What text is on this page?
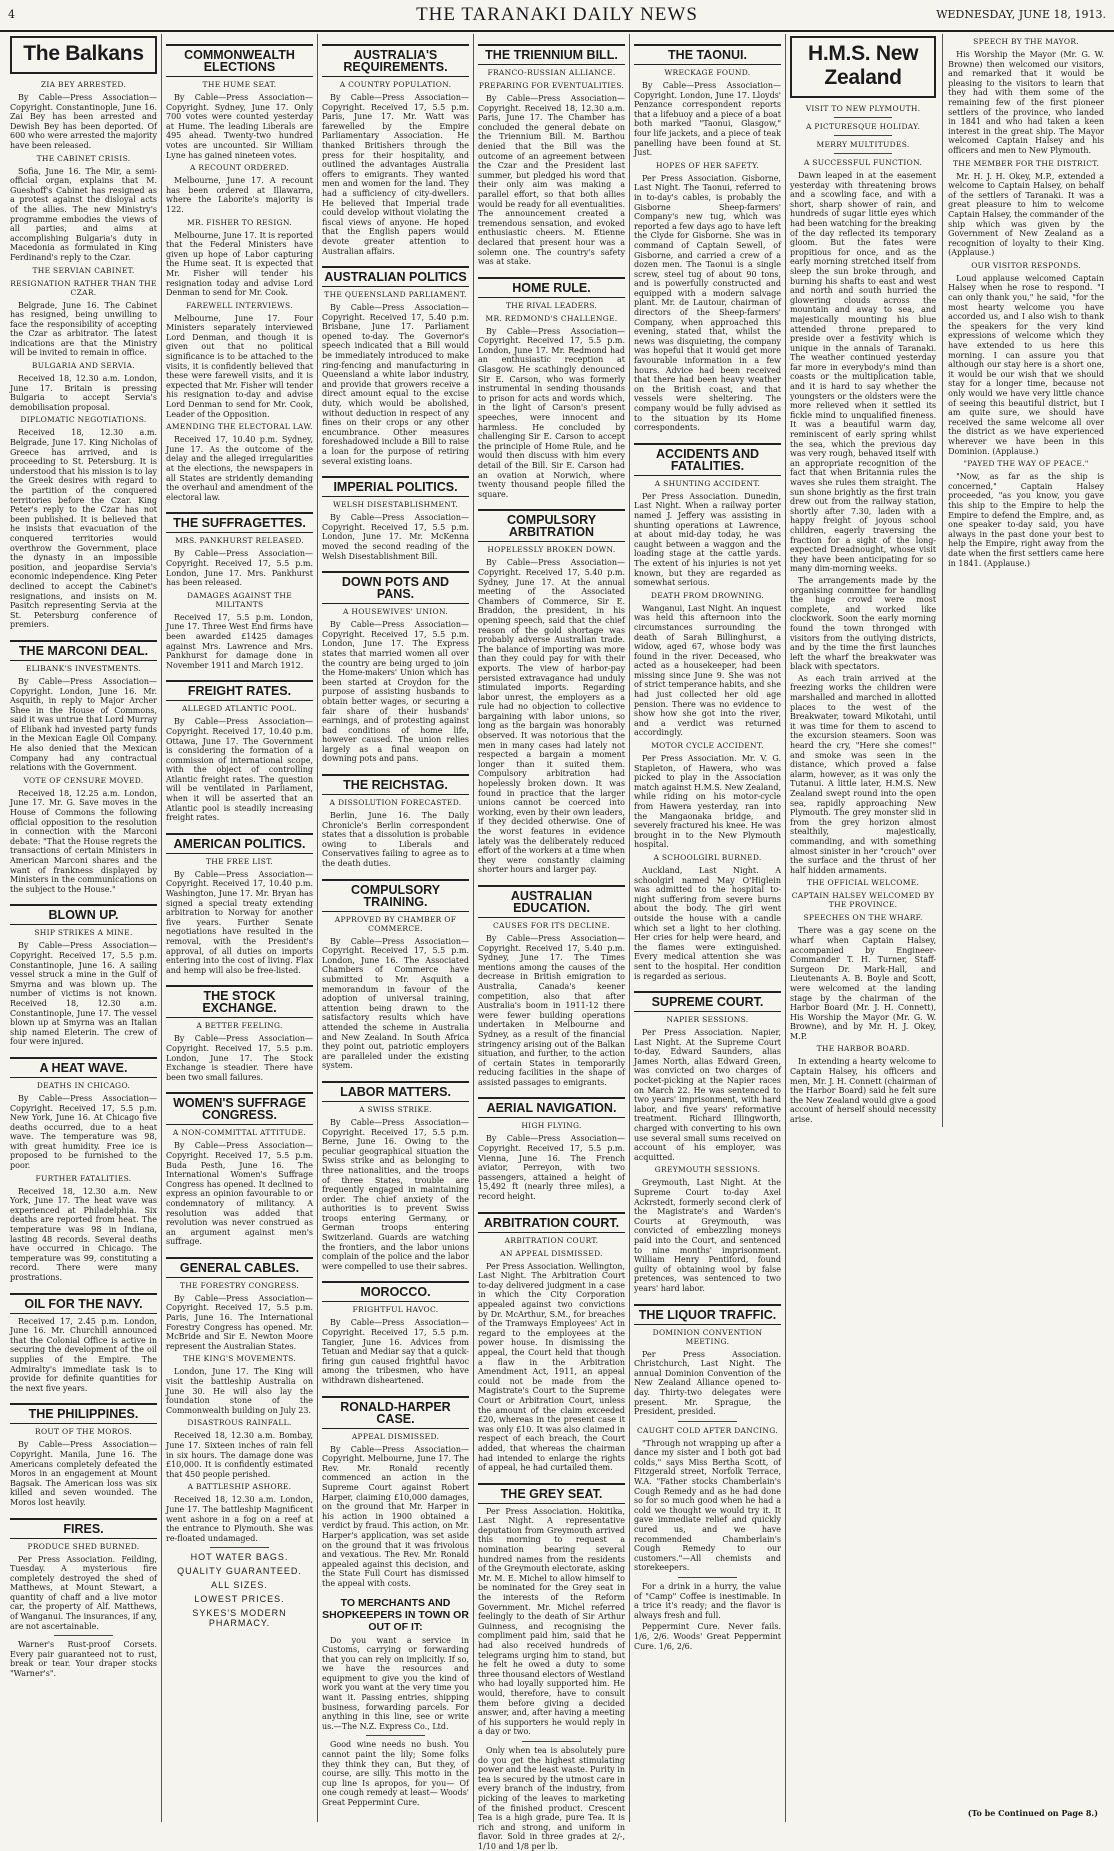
4	THE TARANAKI DAILY NEWS	WEDNESDAY, JUNE 18, 1913.
The Balkans
ZIA BEY ARRESTED.

By Cable—Press Association—Copyright. Constantinople, June 16. Zai Bey has been arrested and Dewish Bey has been deported. Of 600 who were arrested the majority have been released.

THE CABINET CRISIS.

Sofia, June 16. The Mir, a semi-official organ, explains that M. Gueshoff's Cabinet has resigned as a protest against the disloyal acts of the allies. The new Ministry's programme embodies the views of all parties, and aims at accomplishing Bulgaria's duty in Macedonia as formulated in King Ferdinand's reply to the Czar.

THE SERVIAN CABINET.
RESIGNATION RATHER THAN THE CZAR.

Belgrade, June 16. The Cabinet has resigned, being unwilling to face the responsibility of accepting the Czar as arbitrator. The latest indications are that the Ministry will be invited to remain in office.

BULGARIA AND SERVIA.

Received 18, 12.30 a.m. London, June 17. Britain is pressing Bulgaria to accept Servia's demobilisation proposal.

DIPLOMATIC NEGOTIATIONS.

Received 18, 12.30 a.m. Belgrade, June 17. King Nicholas of Greece has arrived, and is proceeding to St. Petersburg. It is understood that his mission is to lay the Greek desires with regard to the partition of the conquered territories before the Czar. King Peter's reply to the Czar has not been published. It is believed that he insists that evacuation of the conquered territories would overthrow the Government, place the dynasty in an impossible position, and jeopardise Servia's economic independence. King Peter declined to accept the Cabinet's resignations, and insists on M. Pasitch representing Servia at the St. Petersburg conference of premiers.

THE MARCONI DEAL.
ELIBANK'S INVESTMENTS.

By Cable—Press Association—Copyright. London, June 16. Mr. Asquith, in reply to Major Archer Shee in the House of Commons, said it was untrue that Lord Murray of Elibank had invested party funds in the Mexican Eagle Oil Company. He also denied that the Mexican Company had any contractual relations with the Government.

VOTE OF CENSURE MOVED.

Received 18, 12.25 a.m. London, June 17. Mr. G. Save moves in the House of Commons the following official opposition to the resolution in connection with the Marconi debate: "That the House regrets the transactions of certain Ministers in American Marconi shares and the want of frankness displayed by Ministers in the communications on the subject to the House."

BLOWN UP.
SHIP STRIKES A MINE.

By Cable—Press Association—Copyright. Received 17, 5.5 p.m. Constantinople, June 16. A sailing vessel struck a mine in the Gulf of Smyrna and was blown up. The number of victims is not known. Received 18, 12.30 a.m. Constantinople, June 17. The vessel blown up at Smyrna was an Italian ship named Eleterin. The crew of four were injured.

A HEAT WAVE.
DEATHS IN CHICAGO.

By Cable—Press Association—Copyright. Received 17, 5.5 p.m. New York, June 16. At Chicago five deaths occurred, due to a heat wave. The temperature was 98, with great humidity. Free ice is proposed to be furnished to the poor.

FURTHER FATALITIES.

Received 18, 12.30 a.m. New York, June 17. The heat wave was experienced at Philadelphia. Six deaths are reported from heat. The temperature was 98 in Indiana, lasting 48 records. Several deaths have occurred in Chicago. The temperature was 99, constituting a record. There were many prostrations.

OIL FOR THE NAVY.

Received 17, 2.45 p.m. London, June 16. Mr. Churchill announced that the Colonial Office is active in securing the development of the oil supplies of the Empire. The Admiralty's immediate task is to provide for definite quantities for the next five years.

THE PHILIPPINES.
ROUT OF THE MOROS.

By Cable—Press Association—Copyright. Manila, June 16. The Americans completely defeated the Moros in an engagement at Mount Bagsak. The American loss was six killed and seven wounded. The Moros lost heavily.

FIRES.
PRODUCE SHED BURNED.

Per Press Association. Feilding, Tuesday. A mysterious fire completely destroyed the shed of Matthews, at Mount Stewart, a quantity of chaff and a live motor car, the property of Alf. Matthews, of Wanganui. The insurances, if any, are not ascertainable.

Warner's Rust-proof Corsets. Every pair guaranteed not to rust, break or tear. Your draper stocks "Warner's".

COMMONWEALTH ELECTIONS
THE HUME SEAT.

By Cable—Press Association—Copyright. Sydney, June 17. Only 700 votes were counted yesterday at Hume. The leading Liberals are 495 ahead. Twenty-two hundred votes are uncounted. Sir William Lyne has gained nineteen votes.

A RECOUNT ORDERED.

Melbourne, June 17. A recount has been ordered at Illawarra, where the Laborite's majority is 122.

MR. FISHER TO RESIGN.

Melbourne, June 17. It is reported that the Federal Ministers have given up hope of Labor capturing the Hume seat. It is expected that Mr. Fisher will tender his resignation today and advise Lord Denman to send for Mr. Cook.

FAREWELL INTERVIEWS.

Melbourne, June 17. Four Ministers separately interviewed Lord Denman, and though it is given out that no political significance is to be attached to the visits, it is confidently believed that these were farewell visits, and it is expected that Mr. Fisher will tender his resignation to-day and advise Lord Denman to send for Mr. Cook, Leader of the Opposition.

AMENDING THE ELECTORAL LAW.

Received 17, 10.40 p.m. Sydney, June 17. As the outcome of the delay and the alleged irregularities at the elections, the newspapers in all States are stridently demanding the overhaul and amendment of the electoral law.

THE SUFFRAGETTES.
MRS. PANKHURST RELEASED.

By Cable—Press Association—Copyright. Received 17, 5.5 p.m. London, June 17. Mrs. Pankhurst has been released.

DAMAGES AGAINST THE MILITANTS

Received 17, 5.5 p.m. London, June 17. Three West End firms have been awarded £1425 damages against Mrs. Lawrence and Mrs. Pankhurst for damage done in November 1911 and March 1912.

FREIGHT RATES.
ALLEGED ATLANTIC POOL.

By Cable—Press Association—Copyright. Received 17, 10.40 p.m. Ottawa, June 17. The Government is considering the formation of a commission of international scope, with the object of controlling Atlantic freight rates. The question will be ventilated in Parliament, when it will be asserted that an Atlantic pool is steadily increasing freight rates.

AMERICAN POLITICS.
THE FREE LIST.

By Cable—Press Association—Copyright. Received 17, 10.40 p.m. Washington, June 17. Mr. Bryan has signed a special treaty extending arbitration to Norway for another five years. Further Senate negotiations have resulted in the removal, with the President's approval, of all duties on imports entering into the cost of living. Flax and hemp will also be free-listed.

THE STOCK EXCHANGE.
A BETTER FEELING.

By Cable—Press Association—Copyright. Received 17, 5.5 p.m. London, June 17. The Stock Exchange is steadier. There have been two small failures.

WOMEN'S SUFFRAGE CONGRESS.
A NON-COMMITTAL ATTITUDE.

By Cable—Press Association—Copyright. Received 17, 5.5 p.m. Buda Pesth, June 16. The International Women's Suffrage Congress has opened. It declined to express an opinion favourable to or condemnatory of militancy. A resolution was added that revolution was never construed as an argument against men's suffrage.

GENERAL CABLES.
THE FORESTRY CONGRESS.

By Cable—Press Association—Copyright. Received 17, 5.5 p.m. Paris, June 16. The International Forestry Congress has opened. Mr. McBride and Sir E. Newton Moore represent the Australian States.

THE KING'S MOVEMENTS.

London, June 17. The King will visit the battleship Australia on June 30. He will also lay the foundation stone of the Commonwealth building on July 23.

DISASTROUS RAINFALL.

Received 18, 12.30 a.m. Bombay, June 17. Sixteen inches of rain fell in six hours. The damage done was £10,000. It is confidently estimated that 450 people perished.

A BATTLESHIP ASHORE.

Received 18, 12.30 a.m. London, June 17. The battleship Magnificent went ashore in a fog on a reef at the entrance to Plymouth. She was re-floated undamaged.

HOT WATER BAGS.
QUALITY GUARANTEED.
ALL SIZES.
LOWEST PRICES.
SYKES'S MODERN PHARMACY.
AUSTRALIA'S REQUIREMENTS.
A COUNTRY POPULATION.

By Cable—Press Association—Copyright. Received 17, 5.5 p.m. Paris, June 17. Mr. Watt was farewelled by the Empire Parliamentary Association. He thanked Britishers through the press for their hospitality, and outlined the advantages Australia offers to emigrants. They wanted men and women for the land. They had a sufficiency of city-dwellers. He believed that Imperial trade could develop without violating the fiscal views of anyone. He hoped that the English papers would devote greater attention to Australian affairs.

AUSTRALIAN POLITICS
THE QUEENSLAND PARLIAMENT.

By Cable—Press Association—Copyright. Received 17, 5.40 p.m. Brisbane, June 17. Parliament opened to-day. The Governor's speech indicated that a Bill would be immediately introduced to make ring-fencing and manufacturing in Queensland a white labor industry, and provide that growers receive a direct amount equal to the excise duty, which would be abolished, without deduction in respect of any fines on their crops or any other encumbrance. Other measures foreshadowed include a Bill to raise a loan for the purpose of retiring several existing loans.

IMPERIAL POLITICS.
WELSH DISESTABLISHMENT.

By Cable—Press Association—Copyright. Received 17, 5.5 p.m. London, June 17. Mr. McKenna moved the second reading of the Welsh Disestablishment Bill.

DOWN POTS AND PANS.
A HOUSEWIVES' UNION.

By Cable—Press Association—Copyright. Received 17, 5.5 p.m. London, June 17. The Express states that married women all over the country are being urged to join the Home-makers' Union which has been started at Croydon for the purpose of assisting husbands to obtain better wages, or securing a fair share of their husbands' earnings, and of protesting against bad conditions of home life, however caused. The union relies largely as a final weapon on downing pots and pans.

THE REICHSTAG.
A DISSOLUTION FORECASTED.

Berlin, June 16. The Daily Chronicle's Berlin correspondent states that a dissolution is probable owing to Liberals and Conservatives failing to agree as to the death duties.

COMPULSORY TRAINING.
APPROVED BY CHAMBER OF COMMERCE.

By Cable—Press Association—Copyright. Received 17, 5.5 p.m. London, June 16. The Associated Chambers of Commerce have submitted to Mr. Asquith a memorandum in favour of the adoption of universal training, attention being drawn to the satisfactory results which have attended the scheme in Australia and New Zealand. In South Africa they point out, patriotic employers are paralleled under the existing system.

LABOR MATTERS.
A SWISS STRIKE.

By Cable—Press Association—Copyright. Received 17, 5.5 p.m. Berne, June 16. Owing to the peculiar geographical situation the Swiss strike and as belonging to three nationalities, and the troops of three States, trouble are frequently engaged in maintaining order. The chief anxiety of the authorities is to prevent Swiss troops entering Germany, or German troops entering Switzerland. Guards are watching the frontiers, and the labor unions complain of the police and the labor were compelled to use their sabres.

MOROCCO.
FRIGHTFUL HAVOC.

By Cable—Press Association—Copyright. Received 17, 5.5 p.m. Tangier, June 16. Advices from Tetuan and Mediar say that a quick-firing gun caused frightful havoc among the tribesmen, who have withdrawn disheartened.

RONALD-HARPER CASE.
APPEAL DISMISSED.

By Cable—Press Association—Copyright. Melbourne, June 17. The Rev. Mr. Ronald recently commenced an action in the Supreme Court against Robert Harper, claiming £10,000 damages, on the ground that Mr. Harper in his action in 1900 obtained a verdict by fraud. This action, on Mr. Harper's application, was set aside on the ground that it was frivolous and vexatious. The Rev. Mr. Ronald appealed against this decision, and the State Full Court has dismissed the appeal with costs.

TO MERCHANTS AND SHOPKEEPERS IN TOWN OR OUT OF IT:

Do you want a service in Customs, carrying or forwarding that you can rely on implicitly. If so, we have the resources and equipment to give you the kind of work you want at the very time you want it. Passing entries, shipping business, forwarding parcels. For anything in this line, see or write us.—The N.Z. Express Co., Ltd.

Good wine needs no bush. You cannot paint the lily; Some folks they think they can, But they, of course, are silly. This motto in the cup line Is apropos, for you— Of one cough remedy at least— Woods' Great Peppermint Cure.

THE TRIENNIUM BILL.
FRANCO-RUSSIAN ALLIANCE.
PREPARING FOR EVENTUALITIES.

By Cable—Press Association—Copyright. Received 18, 12.30 a.m. Paris, June 17. The Chamber has concluded the general debate on the Triennium Bill. M. Barthou denied that the Bill was the outcome of an agreement between the Czar and the President last summer, but pledged his word that their only aim was making a parallel effort, so that both allies would be ready for all eventualities. The announcement created a tremendous sensation, and evoked enthusiastic cheers. M. Etienne declared that present hour was a solemn one. The country's safety was at stake.

HOME RULE.
THE RIVAL LEADERS.
MR. REDMOND'S CHALLENGE.

By Cable—Press Association—Copyright. Received 17, 5.5 p.m. London, June 17. Mr. Redmond had an enthusiastic reception at Glasgow. He scathingly denounced Sir E. Carson, who was formerly instrumental in sending thousands to prison for acts and words which, in the light of Carson's present speeches, were innocent and harmless. He concluded by challenging Sir E. Carson to accept the principle of Home Rule, and he would then discuss with him every detail of the Bill. Sir E. Carson had an ovation at Norwich, where twenty thousand people filled the square.

COMPULSORY ARBITRATION
HOPELESSLY BROKEN DOWN.

By Cable—Press Association—Copyright. Received 17, 5.40 p.m. Sydney, June 17. At the annual meeting of the Associated Chambers of Commerce, Sir E. Braddon, the president, in his opening speech, said that the chief reason of the gold shortage was probably adverse Australian trade. The balance of importing was more than they could pay for with their exports. The view of harbor-pay persisted extravagance had unduly stimulated imports. Regarding labor unrest, the employers as a rule had no objection to collective bargaining with labor unions, so long as the bargain was honorably observed. It was notorious that the men in many cases had lately not respected a bargain a moment longer than it suited them. Compulsory arbitration had hopelessly broken down. It was found in practice that the larger unions cannot be coerced into working, even by their own leaders, if they decided otherwise. One of the worst features in evidence lately was the deliberately reduced effort of the workers at a time when they were constantly claiming shorter hours and larger pay.

AUSTRALIAN EDUCATION.
CAUSES FOR ITS DECLINE.

By Cable—Press Association—Copyright. Received 17, 5.40 p.m. Sydney, June 17. The Times mentions among the causes of the decrease in British emigration to Australia, Canada's keener competition, also that after Australia's boom in 1911-12 there were fewer building operations undertaken in Melbourne and Sydney, as a result of the financial stringency arising out of the Balkan situation, and further, to the action of certain States in temporarily reducing facilities in the shape of assisted passages to emigrants.

AERIAL NAVIGATION.
HIGH FLYING.

By Cable—Press Association—Copyright. Received 17, 5.5 p.m. Vienna, June 16. The French aviator, Perreyon, with two passengers, attained a height of 15,492 ft (nearly three miles), a record height.

ARBITRATION COURT.
ARBITRATION COURT.
AN APPEAL DISMISSED.

Per Press Association. Wellington, Last Night. The Arbitration Court to-day delivered judgment in a case in which the City Corporation appealed against two convictions by Dr. McArthur, S.M., for breaches of the Tramways Employees' Act in regard to the employees at the power house. In dismissing the appeal, the Court held that though a flaw in the Arbitration Amendment Act, 1911, an appeal could not be made from the Magistrate's Court to the Supreme Court or Arbitration Court, unless the amount of the claim exceeded £20, whereas in the present case it was only £10. It was also claimed in respect of each breach, the Court added, that whereas the chairman had intended to enlarge the rights of appeal, he had curtailed them.

THE GREY SEAT.

Per Press Association. Hokitika, Last Night. A representative deputation from Greymouth arrived this morning to request a nomination bearing several hundred names from the residents of the Greymouth electorate, asking Mr. M. E. Michel to allow himself to be nominated for the Grey seat in the interests of the Reform Government. Mr. Michel referred feelingly to the death of Sir Arthur Guinness, and recognising the compliment paid him, said that he had also received hundreds of telegrams urging him to stand, but he felt he owed a duty to some three thousand electors of Westland who had loyally supported him. He would, therefore, have to consult them before giving a decided answer, and, after having a meeting of his supporters he would reply in a day or two.

Only when tea is absolutely pure do you get the highest stimulating power and the least waste. Purity in tea is secured by the utmost care in every branch of the industry, from picking of the leaves to marketing of the finished product. Crescent Tea is a high grade, pure Tea. It is rich and strong, and uniform in flavor. Sold in three grades at 2/-, 1/10 and 1/8 per lb.

THE TAONUI.
WRECKAGE FOUND.

By Cable—Press Association—Copyright. London, June 17. Lloyds' Penzance correspondent reports that a lifebuoy and a piece of a boat both marked "Taonui, Glasgow," four life jackets, and a piece of teak panelling have been found at St. Just.

HOPES OF HER SAFETY.

Per Press Association. Gisborne, Last Night. The Taonui, referred to in to-day's cables, is probably the Gisborne Sheep-farmers' Company's new tug, which was reported a few days ago to have left the Clyde for Gisborne. She was in command of Captain Sewell, of Gisborne, and carried a crew of a dozen men. The Taonui is a single screw, steel tug of about 90 tons, and is powerfully constructed and equipped with a modern salvage plant. Mr. de Lautour, chairman of directors of the Sheep-farmers' Company, when approached this evening, stated that, whilst the news was disquieting, the company was hopeful that it would get more favourable information in a few hours. Advice had been received that there had been heavy weather on the British coast, and that vessels were sheltering. The company would be fully advised as to the situation by its Home correspondents.

ACCIDENTS AND FATALITIES.
A SHUNTING ACCIDENT.

Per Press Association. Dunedin, Last Night. When a railway porter named J. Jeffery was assisting in shunting operations at Lawrence, at about mid-day today, he was caught between a waggon and the loading stage at the cattle yards. The extent of his injuries is not yet known, but they are regarded as somewhat serious.

DEATH FROM DROWNING.

Wanganui, Last Night. An inquest was held this afternoon into the circumstances surrounding the death of Sarah Billinghurst, a widow, aged 67, whose body was found in the river. Deceased, who acted as a housekeeper, had been missing since June 9. She was not of strict temperance habits, and she had just collected her old age pension. There was no evidence to show how she got into the river, and a verdict was returned accordingly.

MOTOR CYCLE ACCIDENT.

Per Press Association. Mr. V. G. Stapleton, of Hawera, who was picked to play in the Association match against H.M.S. New Zealand, while riding on his motor-cycle from Hawera yesterday, ran into the Mangaonaka bridge, and severely fractured his knee. He was brought in to the New Plymouth hospital.

A SCHOOLGIRL BURNED.

Auckland, Last Night. A schoolgirl named May O'Higlein was admitted to the hospital to-night suffering from severe burns about the body. The girl went outside the house with a candle which set a light to her clothing. Her cries for help were heard, and the flames were extinguished. Every medical attention she was sent to the hospital. Her condition is regarded as serious.

SUPREME COURT.
NAPIER SESSIONS.

Per Press Association. Napier, Last Night. At the Supreme Court to-day, Edward Saunders, alias James North, alias Edward Green, was convicted on two charges of pocket-picking at the Napier races on March 22. He was sentenced to two years' imprisonment, with hard labor, and five years' reformative treatment. Richard Illingworth, charged with converting to his own use several small sums received on account of his employer, was acquitted.

GREYMOUTH SESSIONS.

Greymouth, Last Night. At the Supreme Court to-day Axel Ackrstedt, formerly second clerk of the Magistrate's and Warden's Courts at Greymouth, was convicted of embezzling moneys paid into the Court, and sentenced to nine months' imprisonment. William Henry Pentiford, found guilty of obtaining wool by false pretences, was sentenced to two years' hard labor.

THE LIQUOR TRAFFIC.
DOMINION CONVENTION MEETING.

Per Press Association. Christchurch, Last Night. The annual Dominion Convention of the New Zealand Alliance opened to-day. Thirty-two delegates were present. Mr. Sprague, the President, presided.

CAUGHT COLD AFTER DANCING.

"Through not wrapping up after a dance my sister and I both got bad colds," says Miss Bertha Scott, of Fitzgerald street, Norfolk Terrace, W.A. "Father stocks Chamberlain's Cough Remedy and as he had done so for so much good when he had a cold we thought we would try it. It gave immediate relief and quickly cured us, and we have recommended Chamberlain's Cough Remedy to our customers."—All chemists and storekeepers.

For a drink in a hurry, the value of "Camp" Coffee is inestimable. In a trice it's ready; and the flavor is always fresh and full.

Peppermint Cure. Never fails. 1/6, 2/6. Woods' Great Peppermint Cure. 1/6, 2/6.

H.M.S. New Zealand
VISIT TO NEW PLYMOUTH.
A PICTURESQUE HOLIDAY.
MERRY MULTITUDES.
A SUCCESSFUL FUNCTION.

Dawn leaped in at the easement yesterday with threatening brows and a scowling face, and with a short, sharp shower of rain, and hundreds of sugar little eyes which had been watching for the breaking of the day reflected its temporary gloom. But the fates were propitious for once, and as the early morning stretched itself from sleep the sun broke through, and burning his shafts to east and west and north and south hurried the glowering clouds across the mountain and away to sea, and majestically mounting his blue attended throne prepared to preside over a festivity which is unique in the annals of Taranaki. The weather continued yesterday far more in everybody's mind than coasts or the multiplication table, and it is hard to say whether the youngsters or the oldsters were the more relieved when it settled its fickle mind to unqualified fineness. It was a beautiful warm day, reminiscent of early spring whilst the sea, which the previous day was very rough, behaved itself with an appropriate recognition of the fact that when Britannia rules the waves she rules them straight. The sun shone brightly as the first train drew out from the railway station, shortly after 7.30, laden with a happy freight of joyous school children, eagerly traversing the fraction for a sight of the long-expected Dreadnought, whose visit they have been anticipating for so many dim-morning weeks.

The arrangements made by the organising committee for handling the huge crowd were most complete, and worked like clockwork. Soon the early morning found the town thronged with visitors from the outlying districts, and by the time the first launches left the wharf the breakwater was black with spectators.

As each train arrived at the freezing works the children were marshalled and marched in allotted places to the west of the Breakwater, toward Mikotahi, until it was time for them to ascend to the excursion steamers. Soon was heard the cry, "Here she comes!" and smoke was seen in the distance, which proved a false alarm, however, as it was only the Tutanui. A little later, H.M.S. New Zealand swept round into the open sea, rapidly approaching New Plymouth. The grey monster slid in from the grey horizon almost stealthily, majestically, commanding, and with something almost sinister in her "crouch" over the surface and the thrust of her half hidden armaments.

THE OFFICIAL WELCOME.
CAPTAIN HALSEY WELCOMED BY THE PROVINCE.
SPEECHES ON THE WHARF.

There was a gay scene on the wharf when Captain Halsey, accompanied by Engineer-Commander T. H. Turner, Staff-Surgeon Dr. Mark-Hall, and Lieutenants A. B. Boyle and Scott, were welcomed at the landing stage by the chairman of the Harbor Board (Mr. J. H. Connett), His Worship the Mayor (Mr. G. W. Browne), and by Mr. H. J. Okey, M.P.

THE HARBOR BOARD.

In extending a hearty welcome to Captain Halsey, his officers and men, Mr. J. H. Connett (chairman of the Harbor Board) said he felt sure the New Zealand would give a good account of herself should necessity arise.

SPEECH BY THE MAYOR.

His Worship the Mayor (Mr. G. W. Browne) then welcomed our visitors, and remarked that it would be pleasing to the visitors to learn that they had with them some of the remaining few of the first pioneer settlers of the province, who landed in 1841 and who had taken a keen interest in the great ship. The Mayor welcomed Captain Halsey and his officers and men to New Plymouth.

THE MEMBER FOR THE DISTRICT.

Mr. H. J. H. Okey, M.P., extended a welcome to Captain Halsey, on behalf of the settlers of Taranaki. It was a great pleasure to him to welcome Captain Halsey, the commander of the ship which was given by the Government of New Zealand as a recognition of loyalty to their King. (Applause.)

OUR VISITOR RESPONDS.

Loud applause welcomed Captain Halsey when he rose to respond. "I can only thank you," he said, "for the most hearty welcome you have accorded us, and I also wish to thank the speakers for the very kind expressions of welcome which they have extended to us here this morning. I can assure you that although our stay here is a short one, it would be our wish that we should stay for a longer time, because not only would we have very little chance of seeing this beautiful district, but I am quite sure, we should have received the same welcome all over the district as we have experienced wherever we have been in this Dominion. (Applause.)

"PAYED THE WAY OF PEACE."

"Now, as far as the ship is concerned," Captain Halsey proceeded, "as you know, you gave this ship to the Empire to help the Empire to defend the Empire, and, as one speaker to-day said, you have always in the past done your best to help the Empire, right away from the date when the first settlers came here in 1841. (Applause.)

(To be Continued on Page 8.)
